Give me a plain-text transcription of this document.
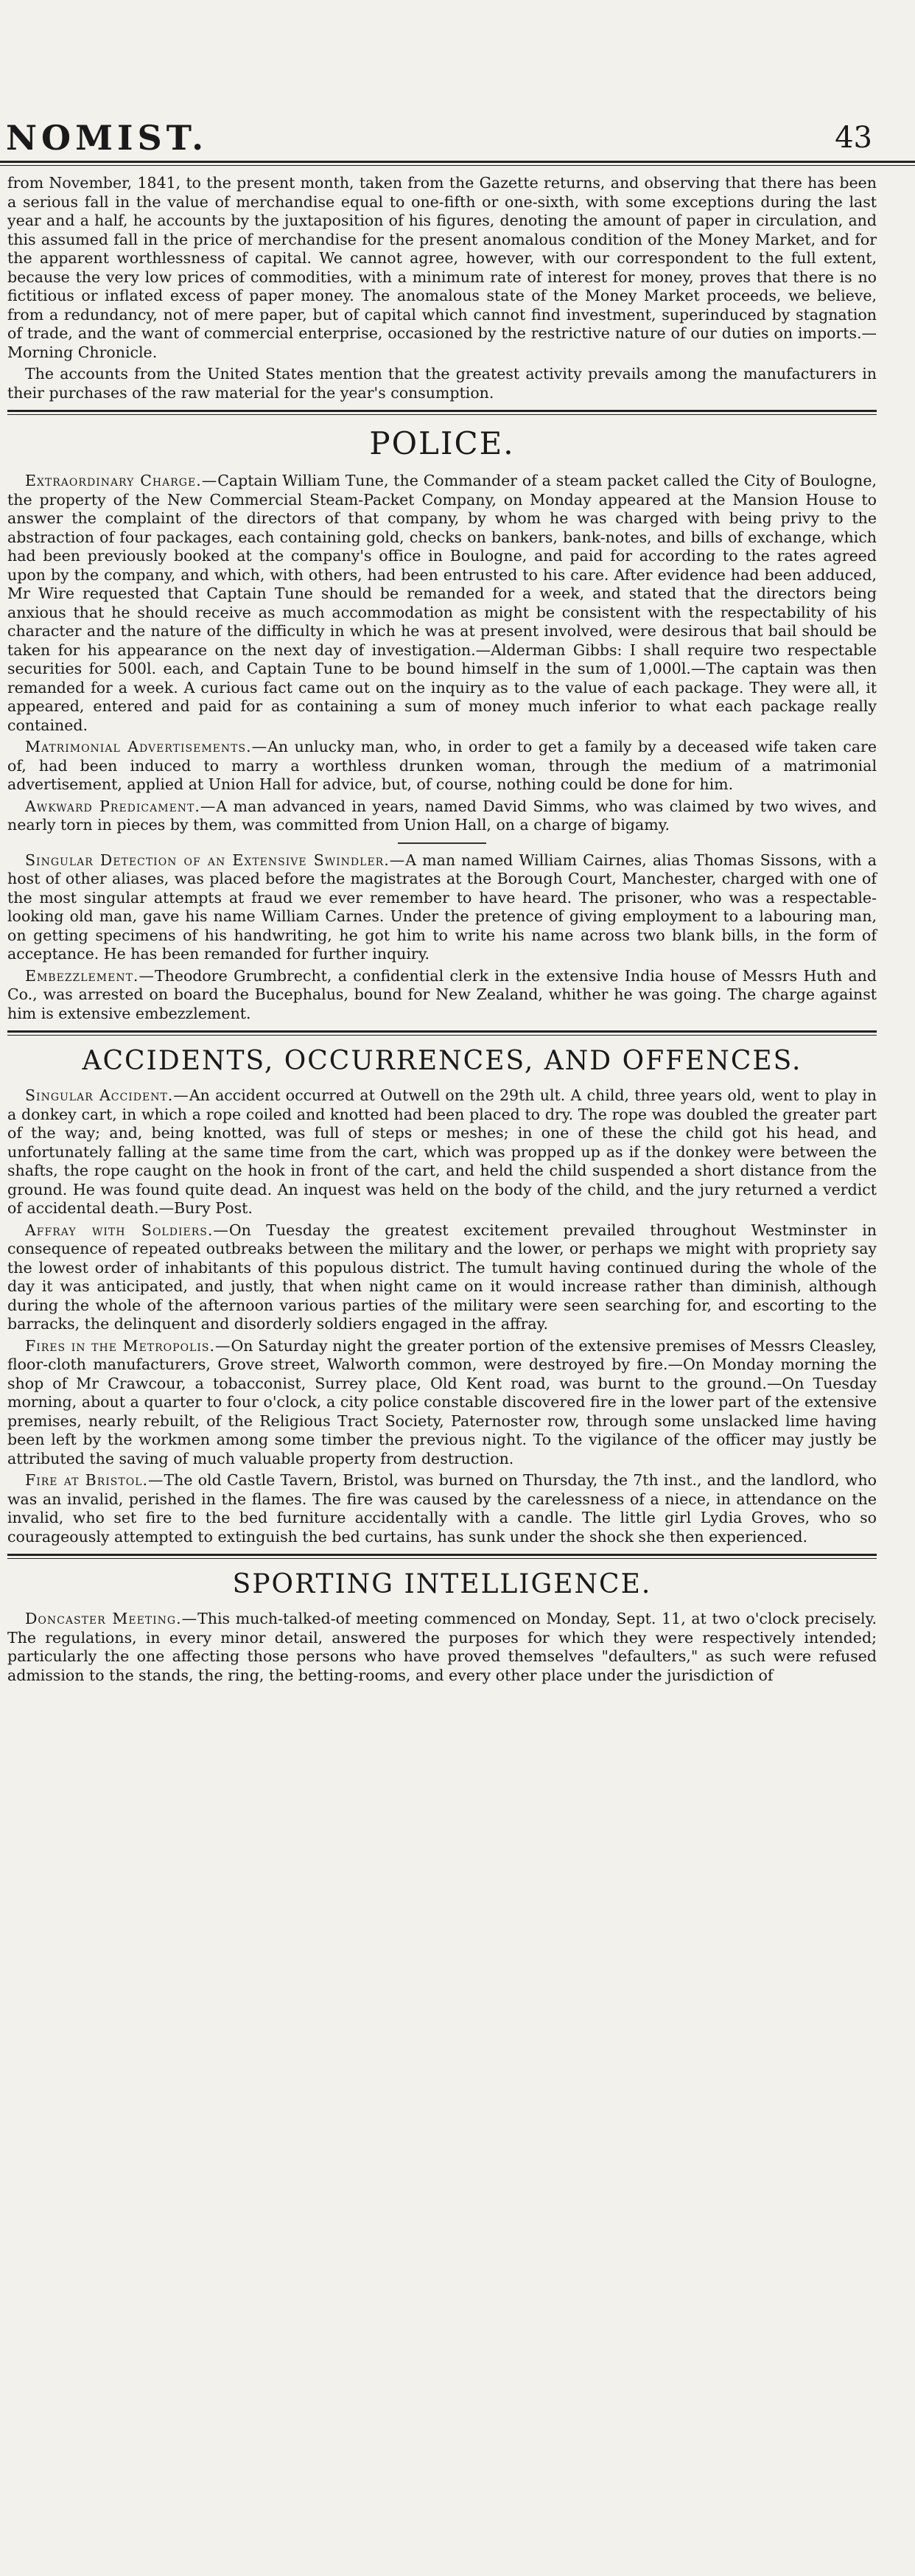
NOMIST.	43

from November, 1841, to the present month, taken from the Gazette returns, and observing that there has been a serious fall in the value of merchandise equal to one-fifth or one-sixth, with some exceptions during the last year and a half, he accounts by the juxtaposition of his figures, denoting the amount of paper in circulation, and this assumed fall in the price of merchandise for the present anomalous condition of the Money Market, and for the apparent worthlessness of capital. We cannot agree, however, with our correspondent to the full extent, because the very low prices of commodities, with a minimum rate of interest for money, proves that there is no fictitious or inflated excess of paper money. The anomalous state of the Money Market proceeds, we believe, from a redundancy, not of mere paper, but of capital which cannot find investment, superinduced by stagnation of trade, and the want of commercial enterprise, occasioned by the restrictive nature of our duties on imports.—Morning Chronicle.

The accounts from the United States mention that the greatest activity prevails among the manufacturers in their purchases of the raw material for the year's consumption.

POLICE.

Extraordinary Charge.—Captain William Tune, the Commander of a steam packet called the City of Boulogne, the property of the New Commercial Steam-Packet Company, on Monday appeared at the Mansion House to answer the complaint of the directors of that company, by whom he was charged with being privy to the abstraction of four packages, each containing gold, checks on bankers, bank-notes, and bills of exchange, which had been previously booked at the company's office in Boulogne, and paid for according to the rates agreed upon by the company, and which, with others, had been entrusted to his care. After evidence had been adduced, Mr Wire requested that Captain Tune should be remanded for a week, and stated that the directors being anxious that he should receive as much accommodation as might be consistent with the respectability of his character and the nature of the difficulty in which he was at present involved, were desirous that bail should be taken for his appearance on the next day of investigation.—Alderman Gibbs: I shall require two respectable securities for 500l. each, and Captain Tune to be bound himself in the sum of 1,000l.—The captain was then remanded for a week. A curious fact came out on the inquiry as to the value of each package. They were all, it appeared, entered and paid for as containing a sum of money much inferior to what each package really contained.

Matrimonial Advertisements.—An unlucky man, who, in order to get a family by a deceased wife taken care of, had been induced to marry a worthless drunken woman, through the medium of a matrimonial advertisement, applied at Union Hall for advice, but, of course, nothing could be done for him.

Awkward Predicament.—A man advanced in years, named David Simms, who was claimed by two wives, and nearly torn in pieces by them, was committed from Union Hall, on a charge of bigamy.

Singular Detection of an Extensive Swindler.—A man named William Cairnes, alias Thomas Sissons, with a host of other aliases, was placed before the magistrates at the Borough Court, Manchester, charged with one of the most singular attempts at fraud we ever remember to have heard. The prisoner, who was a respectable-looking old man, gave his name William Carnes. Under the pretence of giving employment to a labouring man, on getting specimens of his handwriting, he got him to write his name across two blank bills, in the form of acceptance. He has been remanded for further inquiry.

Embezzlement.—Theodore Grumbrecht, a confidential clerk in the extensive India house of Messrs Huth and Co., was arrested on board the Bucephalus, bound for New Zealand, whither he was going. The charge against him is extensive embezzlement.

ACCIDENTS, OCCURRENCES, AND OFFENCES.

Singular Accident.—An accident occurred at Outwell on the 29th ult. A child, three years old, went to play in a donkey cart, in which a rope coiled and knotted had been placed to dry. The rope was doubled the greater part of the way; and, being knotted, was full of steps or meshes; in one of these the child got his head, and unfortunately falling at the same time from the cart, which was propped up as if the donkey were between the shafts, the rope caught on the hook in front of the cart, and held the child suspended a short distance from the ground. He was found quite dead. An inquest was held on the body of the child, and the jury returned a verdict of accidental death.—Bury Post.

Affray with Soldiers.—On Tuesday the greatest excitement prevailed throughout Westminster in consequence of repeated outbreaks between the military and the lower, or perhaps we might with propriety say the lowest order of inhabitants of this populous district. The tumult having continued during the whole of the day it was anticipated, and justly, that when night came on it would increase rather than diminish, although during the whole of the afternoon various parties of the military were seen searching for, and escorting to the barracks, the delinquent and disorderly soldiers engaged in the affray.

Fires in the Metropolis.—On Saturday night the greater portion of the extensive premises of Messrs Cleasley, floor-cloth manufacturers, Grove street, Walworth common, were destroyed by fire.—On Monday morning the shop of Mr Crawcour, a tobacconist, Surrey place, Old Kent road, was burnt to the ground.—On Tuesday morning, about a quarter to four o'clock, a city police constable discovered fire in the lower part of the extensive premises, nearly rebuilt, of the Religious Tract Society, Paternoster row, through some unslacked lime having been left by the workmen among some timber the previous night. To the vigilance of the officer may justly be attributed the saving of much valuable property from destruction.

Fire at Bristol.—The old Castle Tavern, Bristol, was burned on Thursday, the 7th inst., and the landlord, who was an invalid, perished in the flames. The fire was caused by the carelessness of a niece, in attendance on the invalid, who set fire to the bed furniture accidentally with a candle. The little girl Lydia Groves, who so courageously attempted to extinguish the bed curtains, has sunk under the shock she then experienced.

SPORTING INTELLIGENCE.

Doncaster Meeting.—This much-talked-of meeting commenced on Monday, Sept. 11, at two o'clock precisely. The regulations, in every minor detail, answered the purposes for which they were respectively intended; particularly the one affecting those persons who have proved themselves "defaulters," as such were refused admission to the stands, the ring, the betting-rooms, and every other place under the jurisdiction of
